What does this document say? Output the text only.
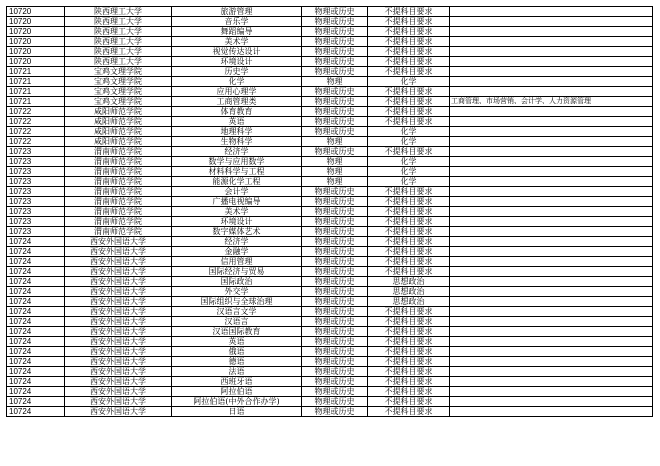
10720	陕西理工大学	旅游管理	物理或历史	不提科目要求	
10720	陕西理工大学	音乐学	物理或历史	不提科目要求	
10720	陕西理工大学	舞蹈编导	物理或历史	不提科目要求	
10720	陕西理工大学	美术学	物理或历史	不提科目要求	
10720	陕西理工大学	视觉传达设计	物理或历史	不提科目要求	
10720	陕西理工大学	环境设计	物理或历史	不提科目要求	
10721	宝鸡文理学院	历史学	物理或历史	不提科目要求	
10721	宝鸡文理学院	化学	物理	化学	
10721	宝鸡文理学院	应用心理学	物理或历史	不提科目要求	
10721	宝鸡文理学院	工商管理类	物理或历史	不提科目要求	工商管理、市场营销、会计学、人力资源管理
10722	咸阳师范学院	体育教育	物理或历史	不提科目要求	
10722	咸阳师范学院	英语	物理或历史	不提科目要求	
10722	咸阳师范学院	地理科学	物理或历史	化学	
10722	咸阳师范学院	生物科学	物理	化学	
10723	渭南师范学院	经济学	物理或历史	不提科目要求	
10723	渭南师范学院	数学与应用数学	物理	化学	
10723	渭南师范学院	材料科学与工程	物理	化学	
10723	渭南师范学院	能源化学工程	物理	化学	
10723	渭南师范学院	会计学	物理或历史	不提科目要求	
10723	渭南师范学院	广播电视编导	物理或历史	不提科目要求	
10723	渭南师范学院	美术学	物理或历史	不提科目要求	
10723	渭南师范学院	环境设计	物理或历史	不提科目要求	
10723	渭南师范学院	数字媒体艺术	物理或历史	不提科目要求	
10724	西安外国语大学	经济学	物理或历史	不提科目要求	
10724	西安外国语大学	金融学	物理或历史	不提科目要求	
10724	西安外国语大学	信用管理	物理或历史	不提科目要求	
10724	西安外国语大学	国际经济与贸易	物理或历史	不提科目要求	
10724	西安外国语大学	国际政治	物理或历史	思想政治	
10724	西安外国语大学	外交学	物理或历史	思想政治	
10724	西安外国语大学	国际组织与全球治理	物理或历史	思想政治	
10724	西安外国语大学	汉语言文学	物理或历史	不提科目要求	
10724	西安外国语大学	汉语言	物理或历史	不提科目要求	
10724	西安外国语大学	汉语国际教育	物理或历史	不提科目要求	
10724	西安外国语大学	英语	物理或历史	不提科目要求	
10724	西安外国语大学	俄语	物理或历史	不提科目要求	
10724	西安外国语大学	德语	物理或历史	不提科目要求	
10724	西安外国语大学	法语	物理或历史	不提科目要求	
10724	西安外国语大学	西班牙语	物理或历史	不提科目要求	
10724	西安外国语大学	阿拉伯语	物理或历史	不提科目要求	
10724	西安外国语大学	阿拉伯语(中外合作办学)	物理或历史	不提科目要求	
10724	西安外国语大学	日语	物理或历史	不提科目要求	
